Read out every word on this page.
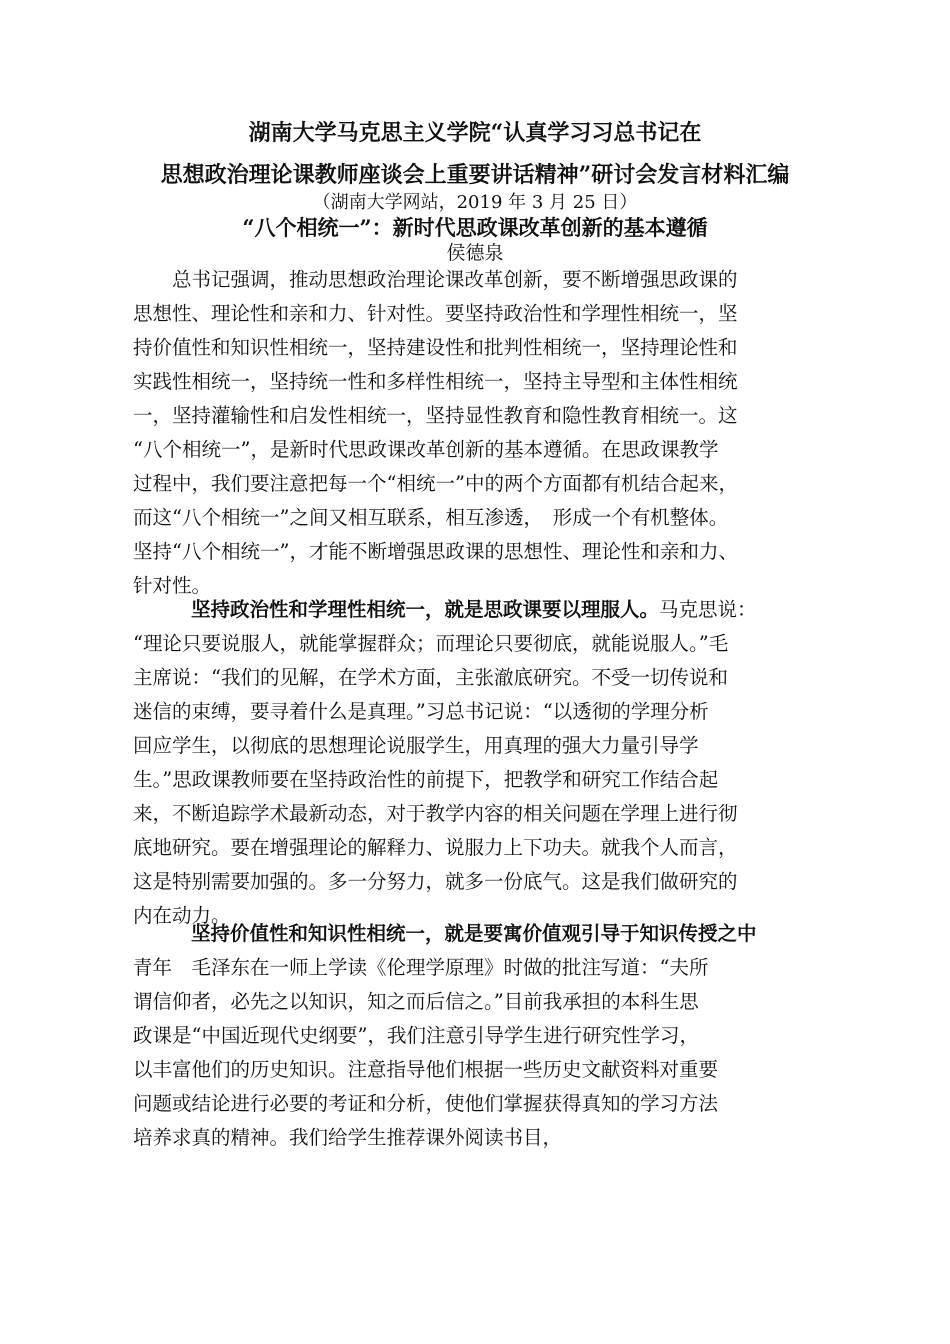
湖南大学马克思主义学院“认真学习习总书记在
思想政治理论课教师座谈会上重要讲话精神”研讨会发言材料汇编
（湖南大学网站，2019 年 3 月 25 日）
“八个相统一”：新时代思政课改革创新的基本遵循
侯德泉
　　总书记强调，推动思想政治理论课改革创新，要不断增强思政课的
思想性、理论性和亲和力、针对性。要坚持政治性和学理性相统一，坚
持价值性和知识性相统一，坚持建设性和批判性相统一，坚持理论性和
实践性相统一，坚持统一性和多样性相统一，坚持主导型和主体性相统
一，坚持灌输性和启发性相统一，坚持显性教育和隐性教育相统一。这
“八个相统一”，是新时代思政课改革创新的基本遵循。在思政课教学
过程中，我们要注意把每一个“相统一”中的两个方面都有机结合起来，
而这“八个相统一”之间又相互联系，相互渗透，　形成一个有机整体。
坚持“八个相统一”，才能不断增强思政课的思想性、理论性和亲和力、
针对性。
坚持政治性和学理性相统一，就是思政课要以理服人。马克思说：
“理论只要说服人，就能掌握群众；而理论只要彻底，就能说服人。”毛
主席说：“我们的见解，在学术方面，主张澈底研究。不受一切传说和
迷信的束缚，要寻着什么是真理。”习总书记说：“以透彻的学理分析
回应学生，以彻底的思想理论说服学生，用真理的强大力量引导学
生。”思政课教师要在坚持政治性的前提下，把教学和研究工作结合起
来，不断追踪学术最新动态，对于教学内容的相关问题在学理上进行彻
底地研究。要在增强理论的解释力、说服力上下功夫。就我个人而言，
这是特别需要加强的。多一分努力，就多一份底气。这是我们做研究的
内在动力。
坚持价值性和知识性相统一，就是要寓价值观引导于知识传授之中
青年　毛泽东在一师上学读《伦理学原理》时做的批注写道：“夫所
谓信仰者，必先之以知识，知之而后信之。”目前我承担的本科生思
政课是“中国近现代史纲要”，我们注意引导学生进行研究性学习，
以丰富他们的历史知识。注意指导他们根据一些历史文献资料对重要
问题或结论进行必要的考证和分析，使他们掌握获得真知的学习方法
培养求真的精神。我们给学生推荐课外阅读书目，
